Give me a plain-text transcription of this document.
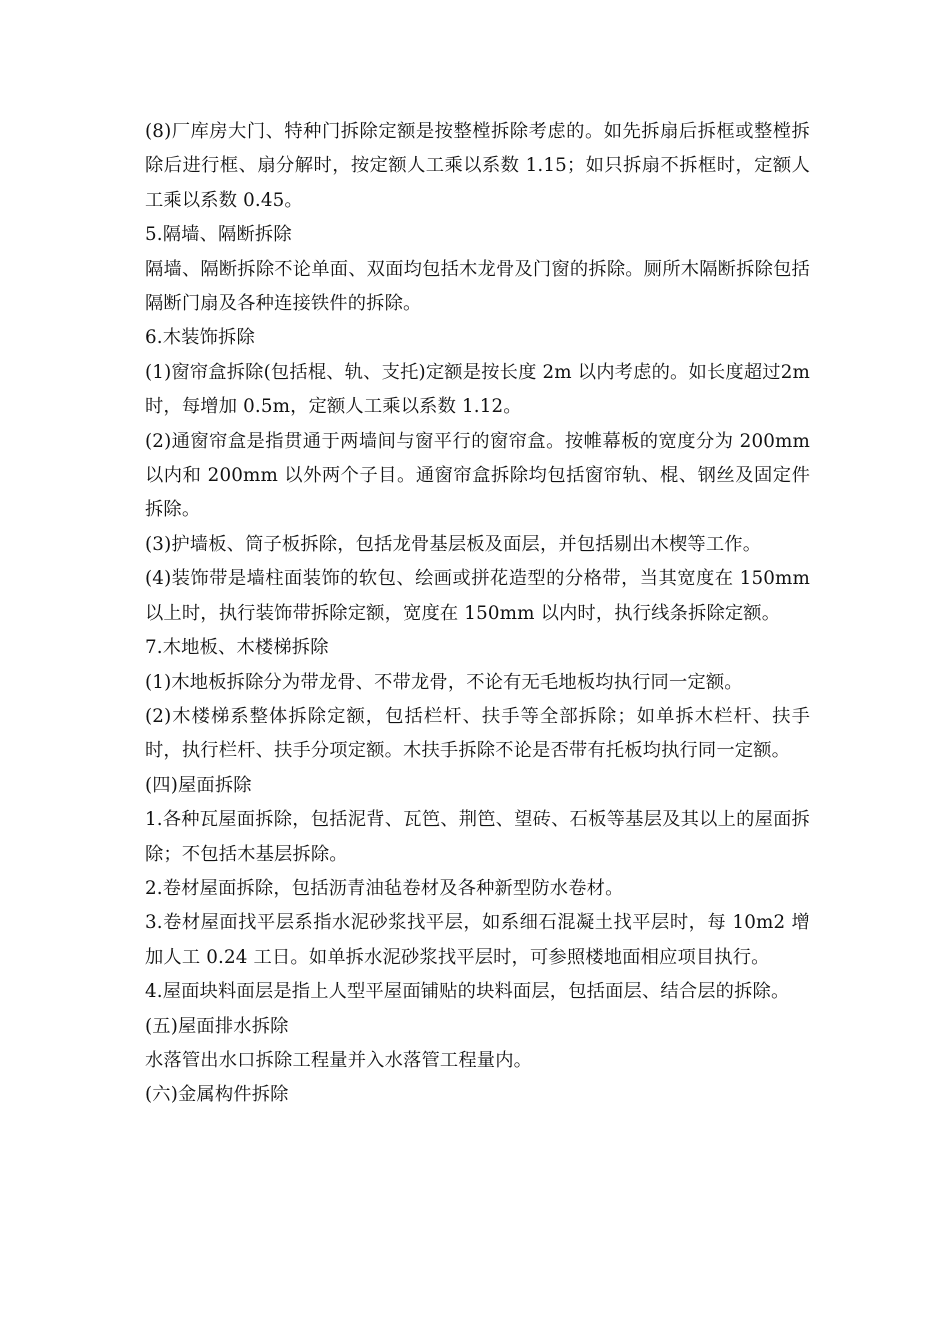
(8)厂库房大门、特种门拆除定额是按整樘拆除考虑的。如先拆扇后拆框或整樘拆除后进行框、扇分解时，按定额人工乘以系数 1.15；如只拆扇不拆框时，定额人工乘以系数 0.45。

5.隔墙、隔断拆除

隔墙、隔断拆除不论单面、双面均包括木龙骨及门窗的拆除。厕所木隔断拆除包括隔断门扇及各种连接铁件的拆除。

6.木装饰拆除

(1)窗帘盒拆除(包括棍、轨、支托)定额是按长度 2m 以内考虑的。如长度超过2m 时，每增加 0.5m，定额人工乘以系数 1.12。

(2)通窗帘盒是指贯通于两墙间与窗平行的窗帘盒。按帷幕板的宽度分为 200mm以内和 200mm 以外两个子目。通窗帘盒拆除均包括窗帘轨、棍、钢丝及固定件拆除。

(3)护墙板、筒子板拆除，包括龙骨基层板及面层，并包括剔出木楔等工作。

(4)装饰带是墙柱面装饰的软包、绘画或拼花造型的分格带，当其宽度在 150mm以上时，执行装饰带拆除定额，宽度在 150mm 以内时，执行线条拆除定额。

7.木地板、木楼梯拆除

(1)木地板拆除分为带龙骨、不带龙骨，不论有无毛地板均执行同一定额。

(2)木楼梯系整体拆除定额，包括栏杆、扶手等全部拆除；如单拆木栏杆、扶手时，执行栏杆、扶手分项定额。木扶手拆除不论是否带有托板均执行同一定额。

(四)屋面拆除

1.各种瓦屋面拆除，包括泥背、瓦笆、荆笆、望砖、石板等基层及其以上的屋面拆除；不包括木基层拆除。

2.卷材屋面拆除，包括沥青油毡卷材及各种新型防水卷材。

3.卷材屋面找平层系指水泥砂浆找平层，如系细石混凝土找平层时，每 10m2 增加人工 0.24 工日。如单拆水泥砂浆找平层时，可参照楼地面相应项目执行。

4.屋面块料面层是指上人型平屋面铺贴的块料面层，包括面层、结合层的拆除。

(五)屋面排水拆除

水落管出水口拆除工程量并入水落管工程量内。

(六)金属构件拆除
